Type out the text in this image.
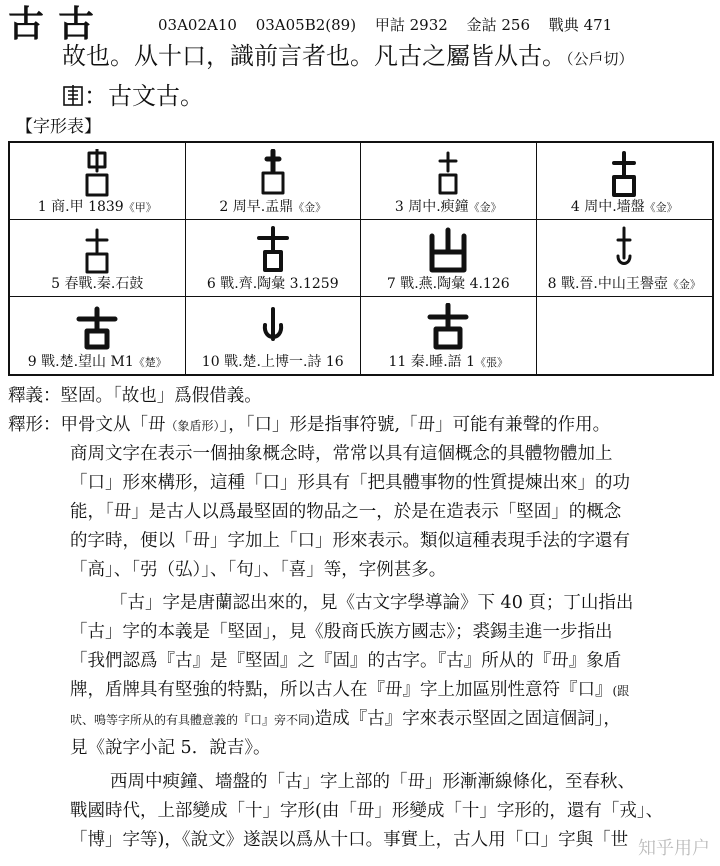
古古	03A02A10 03A05B2(89) 甲詁 2932 金詁 256 戰典 471
故也。从十口，識前言者也。凡古之屬皆从古。（公戶切）
：古文古。
【字形表】
1 商.甲 1839《甲》	2 周早.盂鼎《金》	3 周中.瘐鐘《金》	4 周中.墻盤《金》
5 春戰.秦.石鼓	6 戰.齊.陶彙 3.1259	7 戰.燕.陶彙 4.126	8 戰.晉.中山王譽壺《金》
9 戰.楚.望山 M1《楚》	10 戰.楚.上博一.詩 16	11 秦.睡.語 1《張》
釋義：堅固。「故也」爲假借義。
釋形：甲骨文从「毌（象盾形）」，「口」形是指事符號,「毌」可能有兼聲的作用。
商周文字在表示一個抽象概念時，常常以具有這個概念的具體物體加上
「口」形來構形，這種「口」形具有「把具體事物的性質提煉出來」的功
能，「毌」是古人以爲最堅固的物品之一，於是在造表示「堅固」的概念
的字時，便以「毌」字加上「口」形來表示。類似這種表現手法的字還有
「高」、「弜（弘）」、「句」、「喜」等，字例甚多。
「古」字是唐蘭認出來的，見《古文字學導論》下 40 頁；丁山指出
「古」字的本義是「堅固」，見《殷商氏族方國志》；裘錫圭進一步指出
「我們認爲『古』是『堅固』之『固』的古字。『古』所从的『毌』象盾
牌，盾牌具有堅強的特點，所以古人在『毌』字上加區別性意符『口』(跟
吠、鳴等字所从的有具體意義的『口』旁不同)造成『古』字來表示堅固之固這個詞」，
見《說字小記 5．說吉》。
西周中瘐鐘、墻盤的「古」字上部的「毌」形漸漸線條化，至春秋、
戰國時代，上部變成「十」字形(由「毌」形變成「十」字形的，還有「戎」、
「博」字等)，《說文》遂誤以爲从十口。事實上，古人用「口」字與「世 知乎用户
